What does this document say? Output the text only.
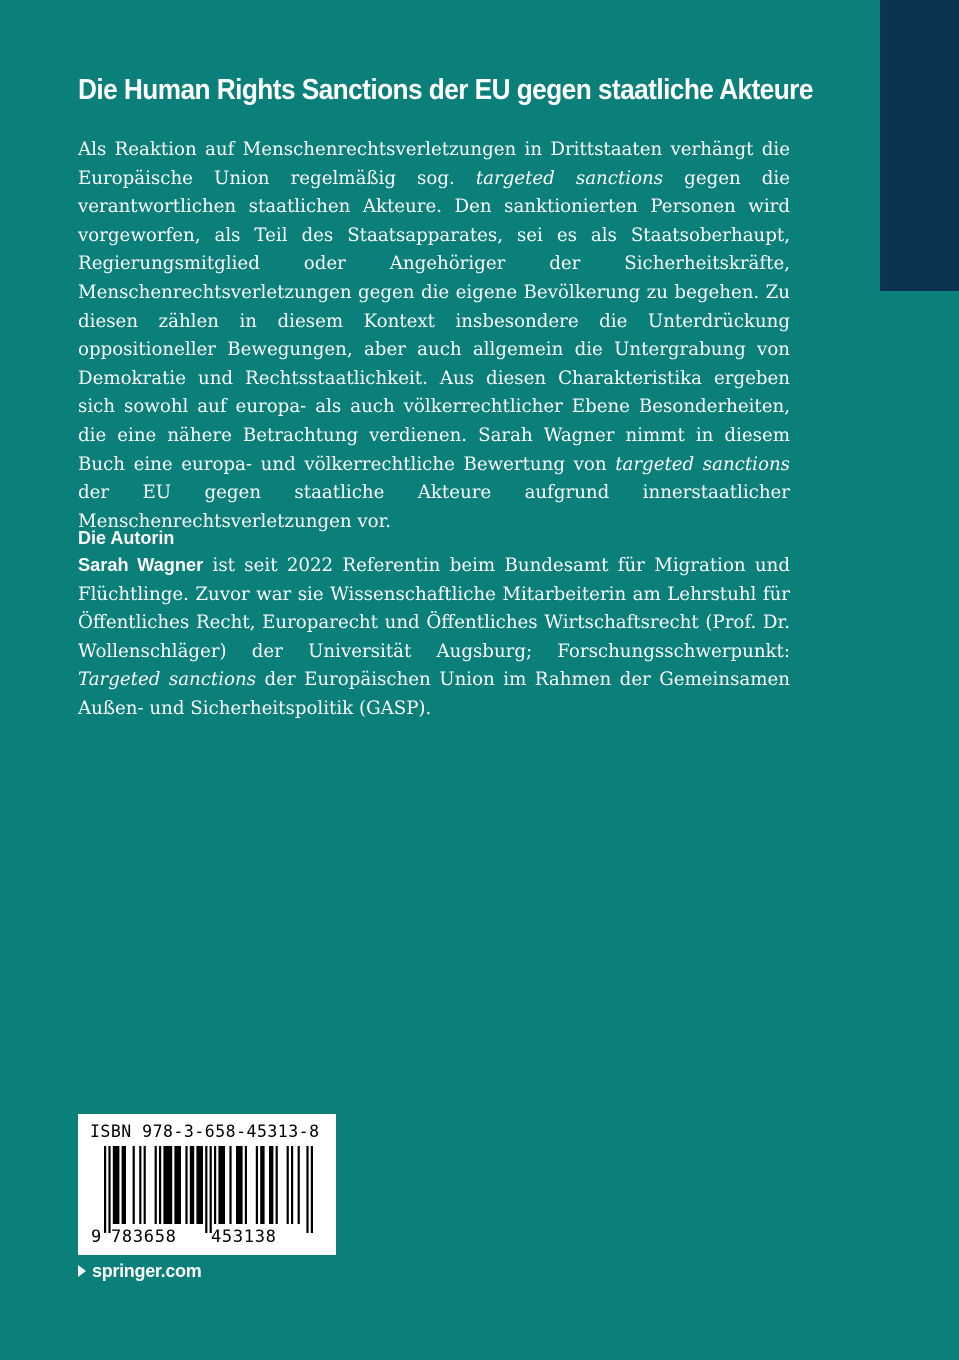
Die Human Rights Sanctions der EU gegen staatliche Akteure

Als Reaktion auf Menschenrechtsverletzungen in Drittstaaten verhängt die Europäische Union regelmäßig sog. targeted sanctions gegen die verantwortlichen staatlichen Akteure. Den sanktionierten Personen wird vorgeworfen, als Teil des Staatsapparates, sei es als Staatsoberhaupt, Regierungsmitglied oder Angehöriger der Sicherheitskräfte, Menschenrechtsverletzungen gegen die eigene Bevölkerung zu begehen. Zu diesen zählen in diesem Kontext insbesondere die Unterdrückung oppositioneller Bewegungen, aber auch allgemein die Untergrabung von Demokratie und Rechtsstaatlichkeit. Aus diesen Charakteristika ergeben sich sowohl auf europa- als auch völkerrechtlicher Ebene Besonderheiten, die eine nähere Betrachtung verdienen. Sarah Wagner nimmt in diesem Buch eine europa- und völkerrechtliche Bewertung von targeted sanctions der EU gegen staatliche Akteure aufgrund innerstaatlicher Menschenrechtsverletzungen vor.

Die Autorin

Sarah Wagner ist seit 2022 Referentin beim Bundesamt für Migration und Flüchtlinge. Zuvor war sie Wissenschaftliche Mitarbeiterin am Lehrstuhl für Öffentliches Recht, Europarecht und Öffentliches Wirtschaftsrecht (Prof. Dr. Wollenschläger) der Universität Augsburg; Forschungsschwerpunkt: Targeted sanctions der Europäischen Union im Rahmen der Gemeinsamen Außen- und Sicherheitspolitik (GASP).

ISBN 978-3-658-45313-8
9 783658 453138
springer.com
